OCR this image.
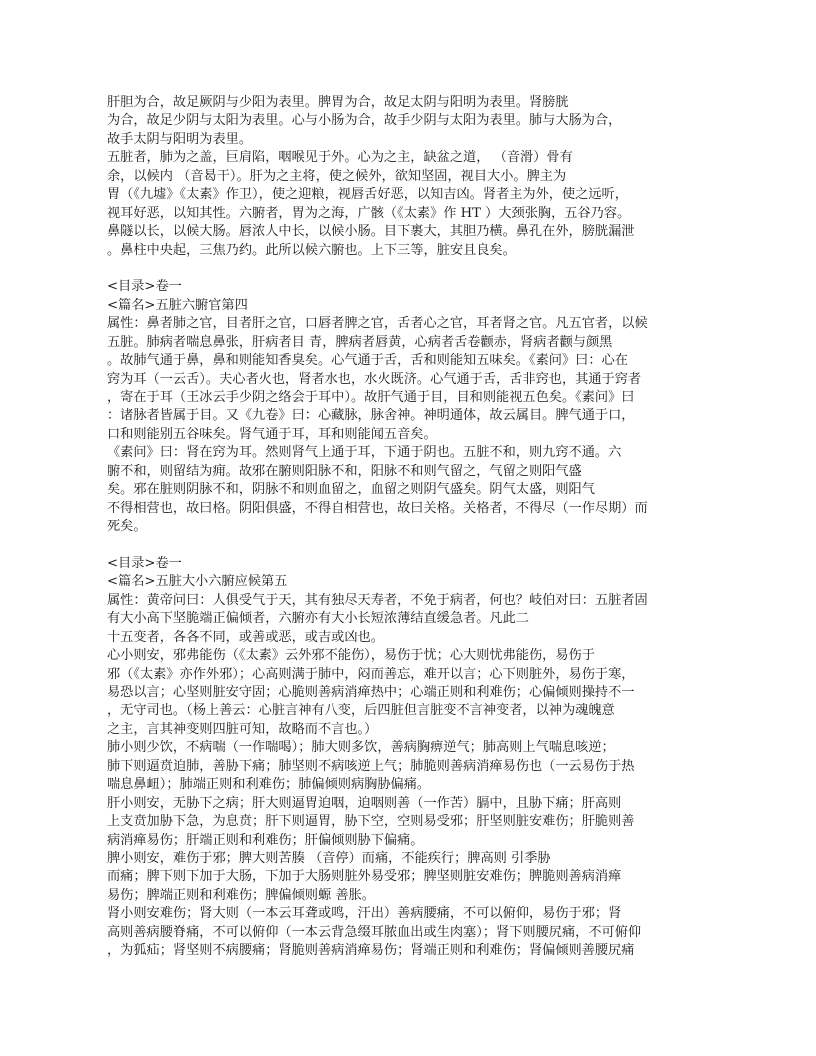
肝胆为合，故足厥阴与少阳为表里。脾胃为合，故足太阴与阳明为表里。肾膀胱
为合，故足少阴与太阳为表里。心与小肠为合，故手少阴与太阳为表里。肺与大肠为合，
故手太阴与阳明为表里。
五脏者，肺为之盖，巨肩陷，咽喉见于外。心为之主，缺盆之道， （音滑）骨有
余，以候内 （音曷干）。肝为之主将，使之候外，欲知坚固，视目大小。脾主为
胃（《九墟》《太素》作卫），使之迎粮，视唇舌好恶，以知吉凶。肾者主为外，使之远听，
视耳好恶，以知其性。六腑者，胃为之海，广骸（《太素》作 HT ）大颈张胸，五谷乃容。
鼻隧以长，以候大肠。唇浓人中长，以候小肠。目下裹大，其胆乃横。鼻孔在外，膀胱漏泄
。鼻柱中央起，三焦乃约。此所以候六腑也。上下三等，脏安且良矣。
<目录>卷一
<篇名>五脏六腑官第四
属性：鼻者肺之官，目者肝之官，口唇者脾之官，舌者心之官，耳者肾之官。凡五官者，以候
五脏。肺病者喘息鼻张，肝病者目 青，脾病者唇黄，心病者舌卷颧赤，肾病者颧与颜黑
。故肺气通于鼻，鼻和则能知香臭矣。心气通于舌，舌和则能知五味矣。《素问》曰：心在
窍为耳（一云舌）。夫心者火也，肾者水也，水火既济。心气通于舌，舌非窍也，其通于窍者
，寄在于耳（王冰云手少阴之络会于耳中）。故肝气通于目，目和则能视五色矣。《素问》曰
：诸脉者皆属于目。又《九卷》曰：心藏脉，脉舍神。神明通体，故云属目。脾气通于口，
口和则能别五谷味矣。肾气通于耳，耳和则能闻五音矣。
《素问》曰：肾在窍为耳。然则肾气上通于耳，下通于阴也。五脏不和，则九窍不通。六
腑不和，则留结为痈。故邪在腑则阳脉不和，阳脉不和则气留之，气留之则阳气盛
矣。邪在脏则阴脉不和，阴脉不和则血留之，血留之则阴气盛矣。阴气太盛，则阳气
不得相营也，故曰格。阴阳俱盛，不得自相营也，故曰关格。关格者，不得尽（一作尽期）而
死矣。
<目录>卷一
<篇名>五脏大小六腑应候第五
属性：黄帝问曰：人俱受气于天，其有独尽天寿者，不免于病者，何也？岐伯对曰：五脏者固
有大小高下坚脆端正偏倾者，六腑亦有大小长短浓薄结直缓急者。凡此二
十五变者，各各不同，或善或恶，或吉或凶也。
心小则安，邪弗能伤（《太素》云外邪不能伤），易伤于忧；心大则忧弗能伤，易伤于
邪（《太素》亦作外邪）；心高则满于肺中，闷而善忘，难开以言；心下则脏外，易伤于寒，
易恐以言；心坚则脏安守固；心脆则善病消瘅热中；心端正则和利难伤；心偏倾则操持不一
，无守司也。（杨上善云：心脏言神有八变，后四脏但言脏变不言神变者，以神为魂魄意
之主，言其神变则四脏可知，故略而不言也。）
肺小则少饮，不病喘（一作喘喝）；肺大则多饮，善病胸痹逆气；肺高则上气喘息咳逆；
肺下则逼贲迫肺，善胁下痛；肺坚则不病咳逆上气；肺脆则善病消瘅易伤也（一云易伤于热
喘息鼻衄）；肺端正则和利难伤；肺偏倾则病胸胁偏痛。
肝小则安，无胁下之病；肝大则逼胃迫咽，迫咽则善（一作苦）膈中，且胁下痛；肝高则
上支贲加胁下急，为息贲；肝下则逼胃，胁下空，空则易受邪；肝坚则脏安难伤；肝脆则善
病消瘅易伤；肝端正则和利难伤；肝偏倾则胁下偏痛。
脾小则安，难伤于邪；脾大则苦腠 （音停）而痛，不能疾行；脾高则 引季胁
而痛；脾下则下加于大肠，下加于大肠则脏外易受邪；脾坚则脏安难伤；脾脆则善病消瘅
易伤；脾端正则和利难伤；脾偏倾则螈 善胀。
肾小则安难伤；肾大则（一本云耳聋或鸣，汗出）善病腰痛，不可以俯仰，易伤于邪；肾
高则善病腰脊痛，不可以俯仰（一本云背急缀耳脓血出或生肉塞）；肾下则腰尻痛，不可俯仰
，为狐疝；肾坚则不病腰痛；肾脆则善病消瘅易伤；肾端正则和利难伤；肾偏倾则善腰尻痛
